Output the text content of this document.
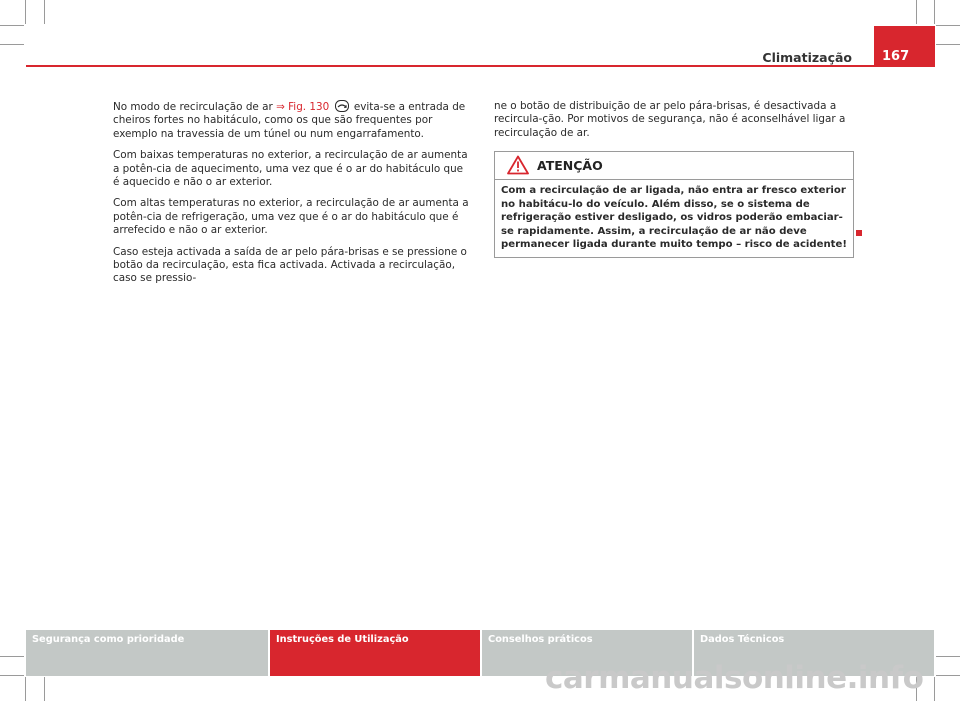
Climatização	167

No modo de recirculação de ar ⇒ Fig. 130  evita-se a entrada de cheiros fortes no habitáculo, como os que são frequentes por exemplo na travessia de um túnel ou num engarrafamento.

Com baixas temperaturas no exterior, a recirculação de ar aumenta a potên-cia de aquecimento, uma vez que é o ar do habitáculo que é aquecido e não o ar exterior.

Com altas temperaturas no exterior, a recirculação de ar aumenta a potên-cia de refrigeração, uma vez que é o ar do habitáculo que é arrefecido e não o ar exterior.

Caso esteja activada a saída de ar pelo pára-brisas e se pressione o botão da recirculação, esta fica activada. Activada a recirculação, caso se pressio-

ne o botão de distribuição de ar pelo pára-brisas, é desactivada a recircula-ção. Por motivos de segurança, não é aconselhável ligar a recirculação de ar.

ATENÇÃO
Com a recirculação de ar ligada, não entra ar fresco exterior no habitácu-lo do veículo. Além disso, se o sistema de refrigeração estiver desligado, os vidros poderão embaciar-se rapidamente. Assim, a recirculação de ar não deve permanecer ligada durante muito tempo – risco de acidente!
Segurança como prioridade	Instruções de Utilização	Conselhos práticos	Dados Técnicos
carmanualsonline.info
